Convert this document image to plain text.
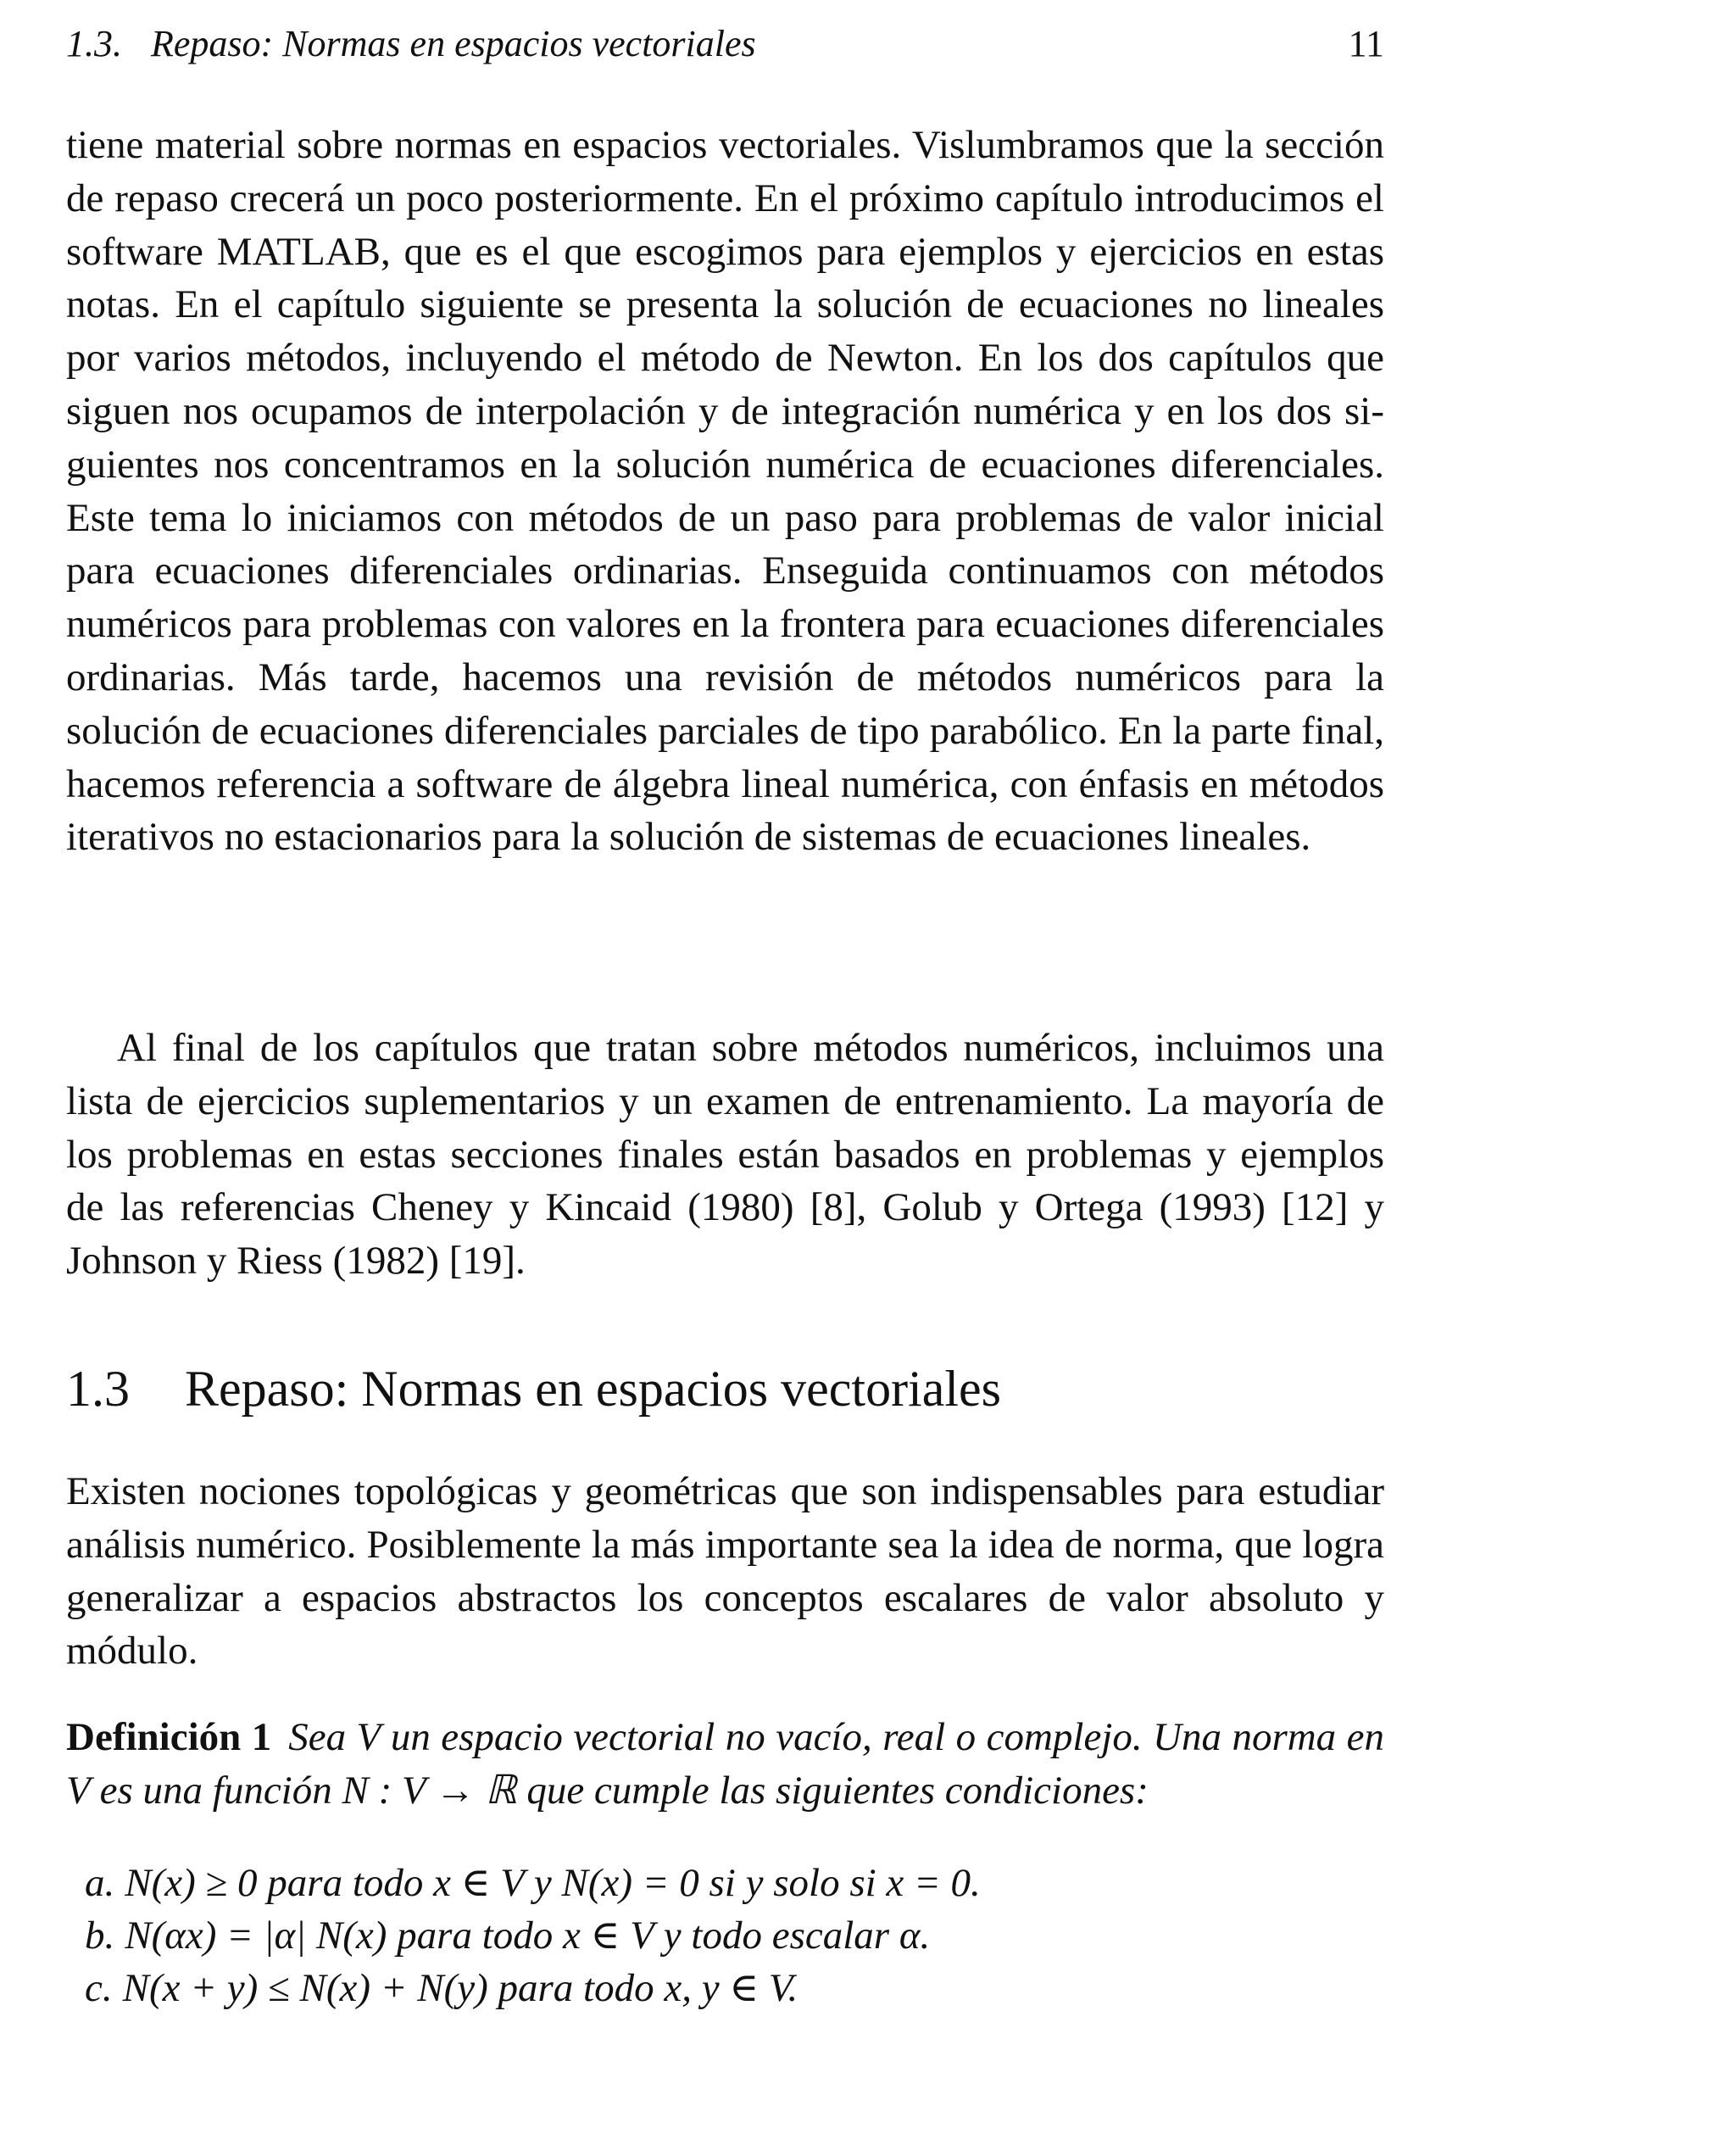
1.3. Repaso: Normas en espacios vectoriales	11

tiene material sobre normas en espacios vectoriales. Vislumbramos que la sección de repaso crecerá un poco posteriormente. En el próximo capítulo introducimos el software MATLAB, que es el que escogimos para ejemplos y ejercicios en estas notas. En el capítulo siguiente se presenta la solución de ecuaciones no lineales por varios métodos, incluyendo el método de Newton. En los dos capítulos que siguen nos ocupamos de interpolación y de integración numérica y en los dos siguientes nos concentramos en la solución numérica de ecuaciones diferenciales. Este tema lo iniciamos con métodos de un paso para problemas de valor inicial para ecuaciones diferenciales ordinarias. Enseguida continuamos con métodos numéricos para problemas con valores en la frontera para ecuaciones diferenciales ordinarias. Más tarde, hacemos una revisión de métodos numéricos para la solución de ecuaciones diferenciales parciales de tipo parabólico. En la parte final, hacemos referencia a software de álgebra lineal numérica, con énfasis en métodos iterativos no estacionarios para la solución de sistemas de ecuaciones lineales.

Al final de los capítulos que tratan sobre métodos numéricos, incluimos una lista de ejercicios suplementarios y un examen de entrenamiento. La mayoría de los problemas en estas secciones finales están basados en problemas y ejemplos de las referencias Cheney y Kincaid (1980) [8], Golub y Ortega (1993) [12] y Johnson y Riess (1982) [19].

1.3 Repaso: Normas en espacios vectoriales

Existen nociones topológicas y geométricas que son indispensables para estudiar análisis numérico. Posiblemente la más importante sea la idea de norma, que logra generalizar a espacios abstractos los conceptos escalares de valor absoluto y módulo.

Definición 1 Sea V un espacio vectorial no vacío, real o complejo. Una norma en V es una función N : V → ℝ que cumple las siguientes condiciones:

a. N(x) ≥ 0 para todo x ∈ V y N(x) = 0 si y solo si x = 0.
b. N(αx) = |α| N(x) para todo x ∈ V y todo escalar α.
c. N(x + y) ≤ N(x) + N(y) para todo x, y ∈ V.
